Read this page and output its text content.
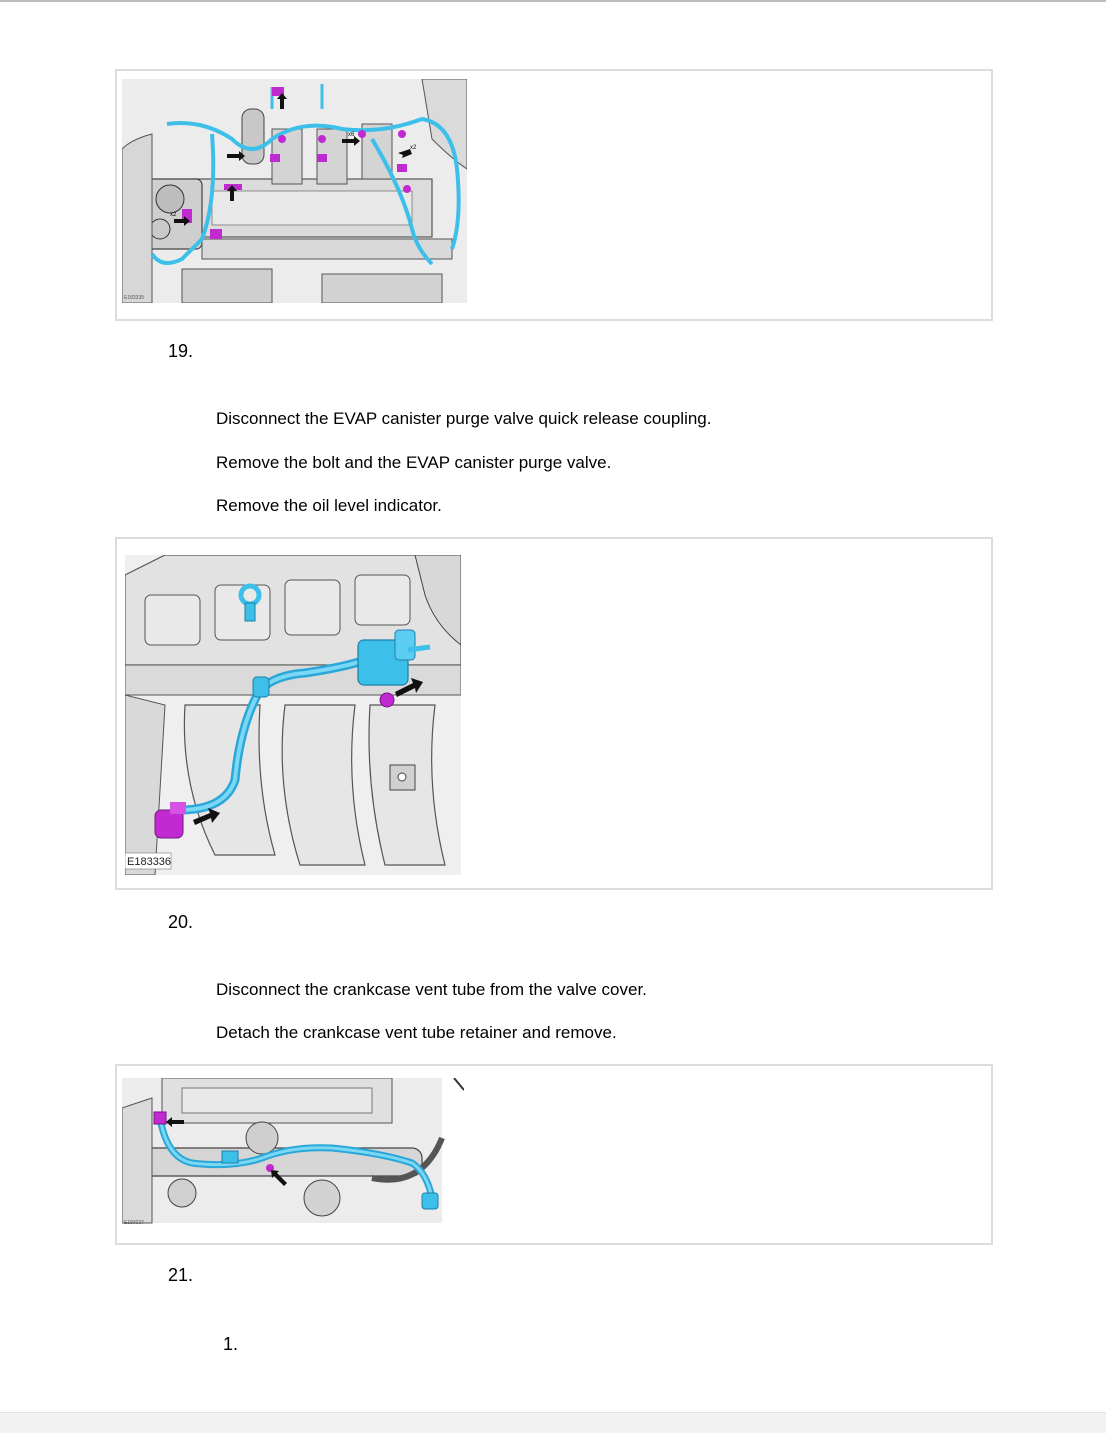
x4
x6
x2
x2
E183335
19.
Disconnect the EVAP canister purge valve quick release coupling.
Remove the bolt and the EVAP canister purge valve.
Remove the oil level indicator.
E183336
20.
Disconnect the crankcase vent tube from the valve cover.
Detach the crankcase vent tube retainer and remove.
E183337
21.
1.
